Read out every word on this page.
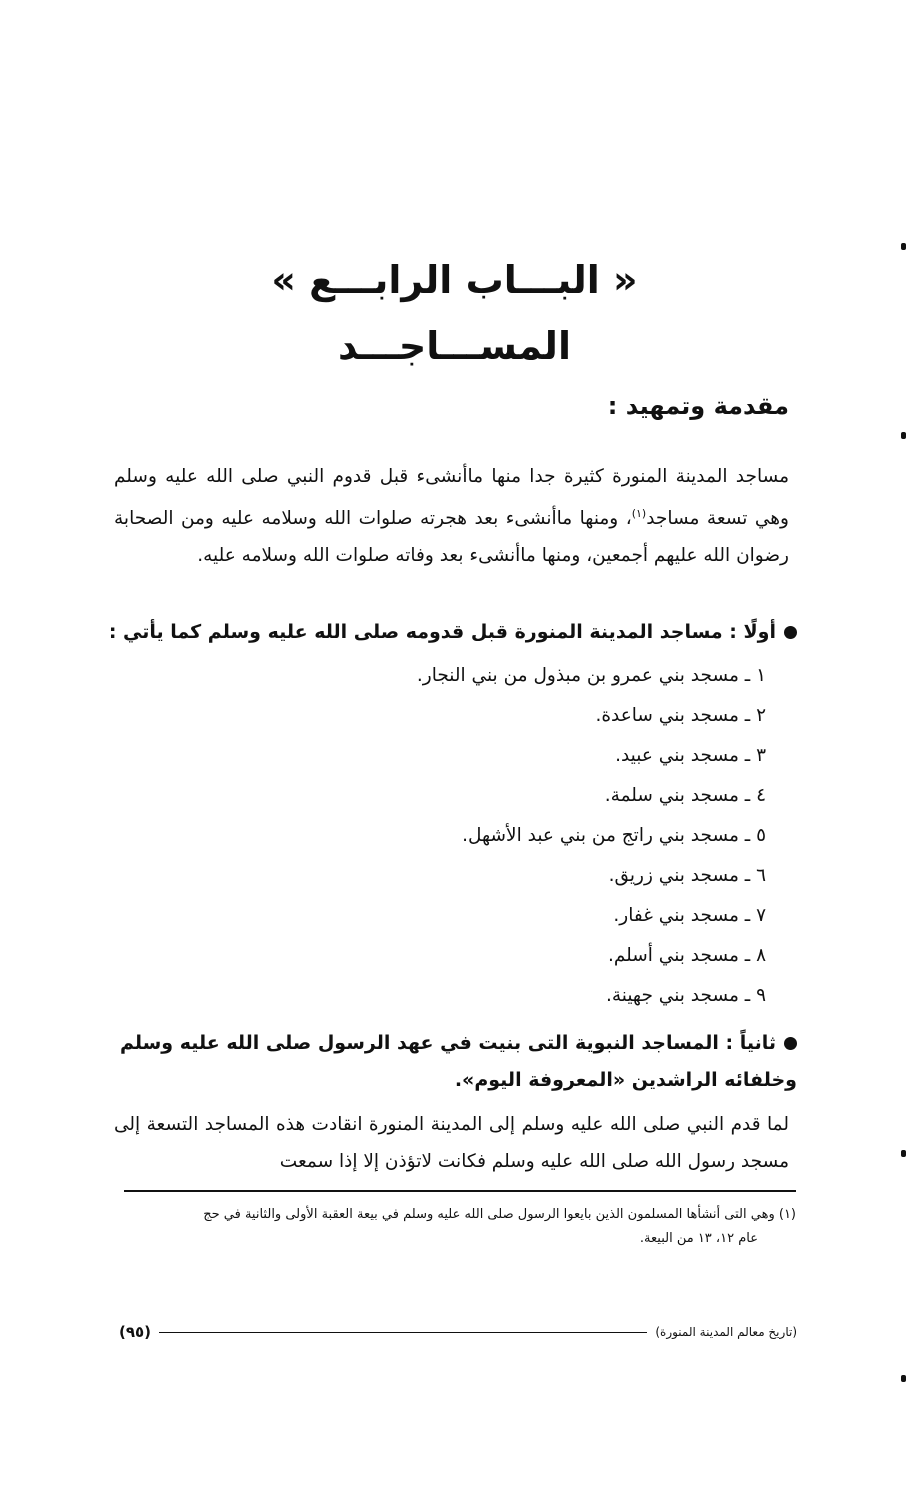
« البـــاب الرابـــع »
المســـاجـــد
مقدمة وتمهيد :

مساجد المدينة المنورة كثيرة جدا منها ماأنشىء قبل قدوم النبي صلى الله عليه وسلم وهي تسعة مساجد$^{(١)}$، ومنها ماأنشىء بعد هجرته صلوات الله وسلامه عليه ومن الصحابة رضوان الله عليهم أجمعين، ومنها ماأنشىء بعد وفاته صلوات الله وسلامه عليه.

أولًا : مساجد المدينة المنورة قبل قدومه صلى الله عليه وسلم كما يأتي :
١ ـ مسجد بني عمرو بن مبذول من بني النجار.
٢ ـ مسجد بني ساعدة.
٣ ـ مسجد بني عبيد.
٤ ـ مسجد بني سلمة.
٥ ـ مسجد بني راتج من بني عبد الأشهل.
٦ ـ مسجد بني زريق.
٧ ـ مسجد بني غفار.
٨ ـ مسجد بني أسلم.
٩ ـ مسجد بني جهينة.
ثانياً : المساجد النبوية التى بنيت في عهد الرسول صلى الله عليه وسلم وخلفائه الراشدين «المعروفة اليوم».

لما قدم النبي صلى الله عليه وسلم إلى المدينة المنورة انقادت هذه المساجد التسعة إلى مسجد رسول الله صلى الله عليه وسلم فكانت لاتؤذن إلا إذا سمعت

(١) وهي التى أنشأها المسلمون الذين بايعوا الرسول صلى الله عليه وسلم في بيعة العقبة الأولى والثانية في حج
عام ١٢، ١٣ من البيعة.
(تاريخ معالم المدينة المنورة)
(٩٥)
